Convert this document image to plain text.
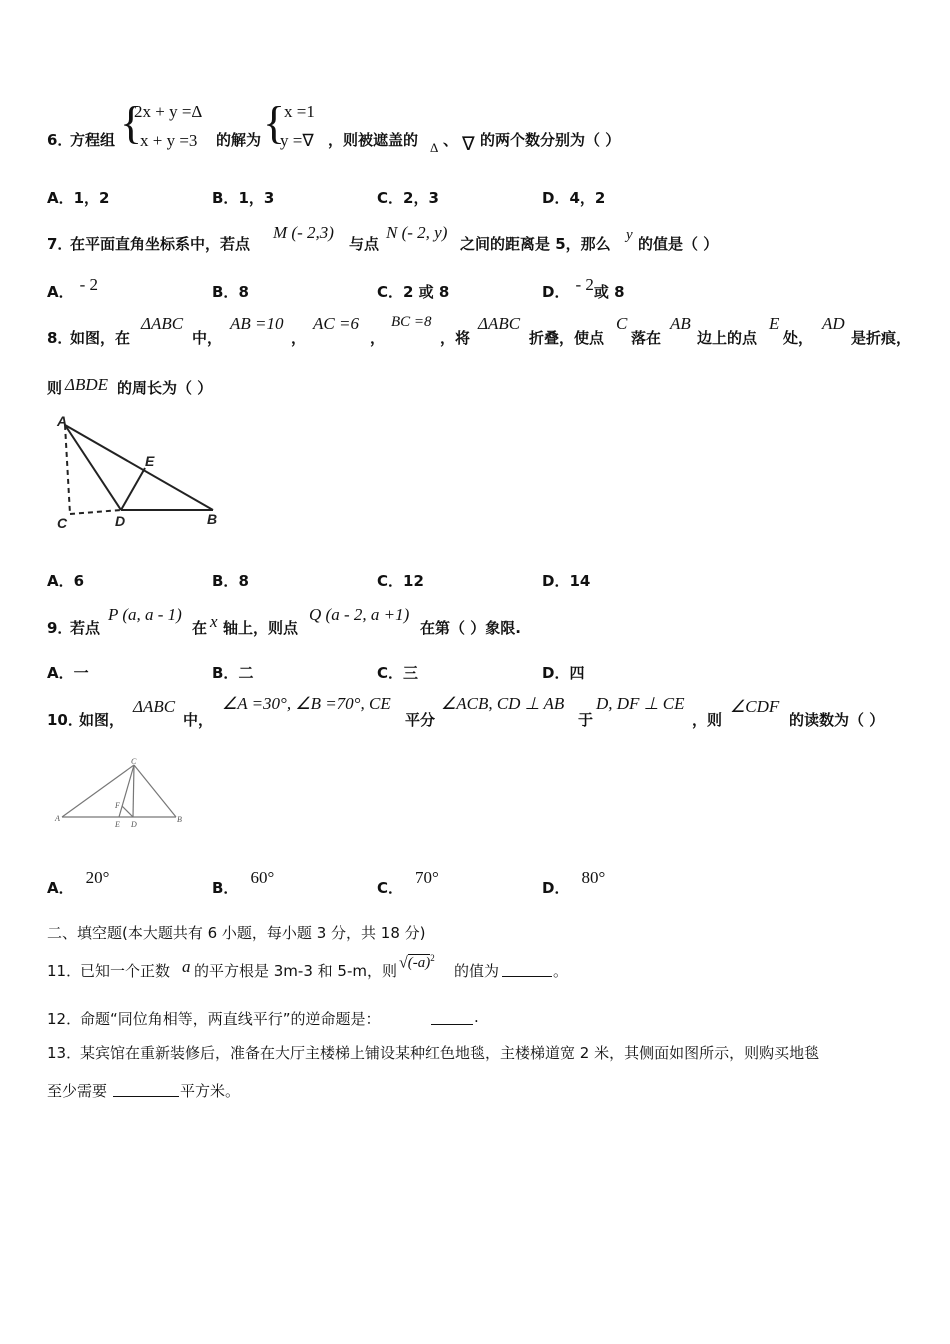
6．
方程组 {
2x + y =Δ
x + y =3 的解为 {
x =1
y =∇ ，则被遮盖的 Δ 、 ∇ 的两个数分别为（ ）
A．1，2	B．1，3	C．2，3	D．4，2
7．
在平面直角坐标系中，若点
M (- 2,3)
与点
N (- 2, y)
之间的距离是 5，那么 y 的值是（ ）
A． - 2	B．8	C．2 或 8	D． - 2或 8
8．
如图，在
ΔABC
中，
AB =10
，
AC =6
，
BC =8
，将
ΔABC
折叠，使点
C
落在
AB
边上的点
E
处，
AD
是折痕，
则 ΔBDE 的周长为（ ）
A
C	D
E
B
A．6	B．8	C．12	D．14
9．
若点
P (a, a - 1)
在 x 轴上，则点
Q (a - 2, a +1)
在第（ ）象限.
A．一	B．二	C．三	D．四
10．
如图，
ΔABC
中，
∠A =30°, ∠B =70°, CE
平分
∠ACB, CD ⊥ AB
于
D, DF ⊥ CE
，则
∠CDF
的读数为（ ）
A	B
C
E D
F
A．20°
B．60°
C．70°
D．80°
二、填空题(本大题共有 6 小题，每小题 3 分，共 18 分)
11．
已知一个正数 a 的平方根是 3m-3 和 5-m，则 $√(-a)^2$
的值为	。
12．
命题“同位角相等，两直线平行”的逆命题是：	.
13．
某宾馆在重新装修后，准备在大厅主楼梯上铺设某种红色地毯，主楼梯道宽 2 米，其侧面如图所示，则购买地毯
至少需要	平方米。
